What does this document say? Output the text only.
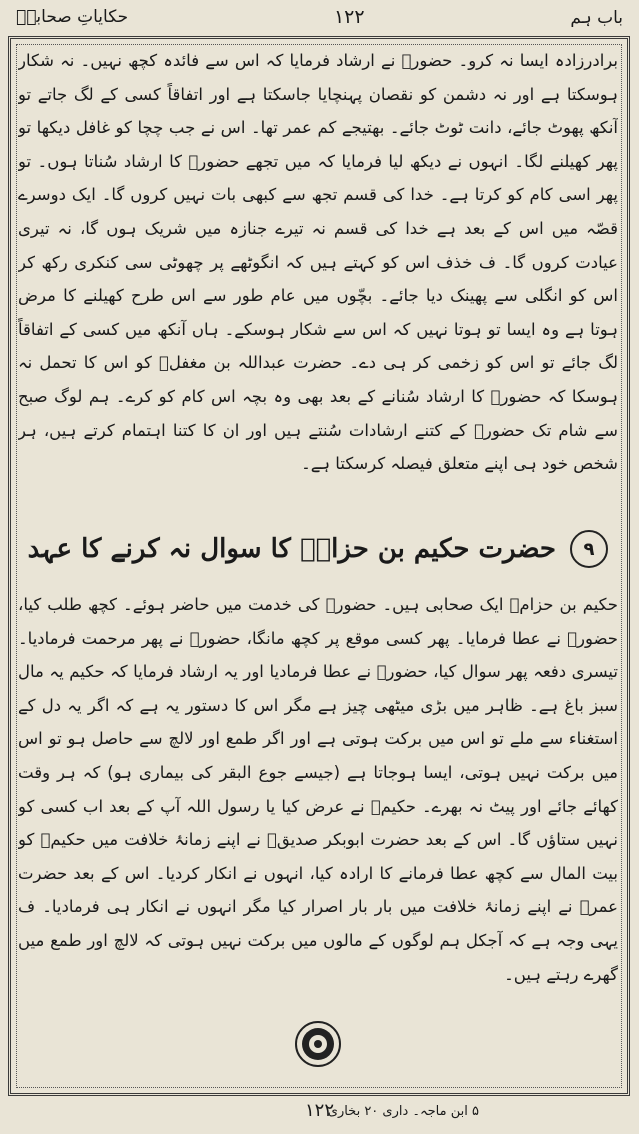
باب ہم
۱۲۲
حکایاتِ صحابہؓ
برادرزادہ ایسا نہ کرو۔ حضورؐ نے ارشاد فرمایا کہ اس سے فائدہ کچھ نہیں۔ نہ شکار ہوسکتا ہے اور نہ دشمن کو نقصان پہنچایا جاسکتا ہے اور اتفاقاً کسی کے لگ جاتے تو آنکھ پھوٹ جائے، دانت ٹوٹ جائے۔ بھتیجے کم عمر تھا۔ اس نے جب چچا کو غافل دیکھا تو پھر کھیلنے لگا۔ انہوں نے دیکھ لیا فرمایا کہ میں تجھے حضورؐ کا ارشاد سُناتا ہوں۔ تو پھر اسی کام کو کرتا ہے۔ خدا کی قسم تجھ سے کبھی بات نہیں کروں گا۔ ایک دوسرے قصّہ میں اس کے بعد ہے خدا کی قسم نہ تیرے جنازہ میں شریک ہوں گا، نہ تیری عیادت کروں گا۔ ف خذف اس کو کہتے ہیں کہ انگوٹھے پر چھوٹی سی کنکری رکھ کر اس کو انگلی سے پھینک دیا جائے۔ بچّوں میں عام طور سے اس طرح کھیلنے کا مرض ہوتا ہے وہ ایسا تو ہوتا نہیں کہ اس سے شکار ہوسکے۔ ہاں آنکھ میں کسی کے اتفاقاً لگ جائے تو اس کو زخمی کر ہی دے۔ حضرت عبداللہ بن مغفلؓ کو اس کا تحمل نہ ہوسکا کہ حضورؐ کا ارشاد سُنانے کے بعد بھی وہ بچہ اس کام کو کرے۔ ہم لوگ صبح سے شام تک حضورؐ کے کتنے ارشادات سُنتے ہیں اور ان کا کتنا اہتمام کرتے ہیں، ہر شخص خود ہی اپنے متعلق فیصلہ کرسکتا ہے۔
۹
حضرت حکیم بن حزامؓ کا سوال نہ کرنے کا عہد
حکیم بن حزامؓ ایک صحابی ہیں۔ حضورؐ کی خدمت میں حاضر ہوئے۔ کچھ طلب کیا، حضورؐ نے عطا فرمایا۔ پھر کسی موقع پر کچھ مانگا، حضورؐ نے پھر مرحمت فرمادیا۔ تیسری دفعہ پھر سوال کیا، حضورؐ نے عطا فرمادیا اور یہ ارشاد فرمایا کہ حکیم یہ مال سبز باغ ہے۔ ظاہر میں بڑی میٹھی چیز ہے مگر اس کا دستور یہ ہے کہ اگر یہ دل کے استغناء سے ملے تو اس میں برکت ہوتی ہے اور اگر طمع اور لالچ سے حاصل ہو تو اس میں برکت نہیں ہوتی، ایسا ہوجاتا ہے (جیسے جوع البقر کی بیماری ہو) کہ ہر وقت کھائے جائے اور پیٹ نہ بھرے۔ حکیمؓ نے عرض کیا یا رسول اللہ آپ کے بعد اب کسی کو نہیں ستاؤں گا۔ اس کے بعد حضرت ابوبکر صدیقؓ نے اپنے زمانۂ خلافت میں حکیمؓ کو بیت المال سے کچھ عطا فرمانے کا ارادہ کیا، انہوں نے انکار کردیا۔ اس کے بعد حضرت عمرؓ نے اپنے زمانۂ خلافت میں بار بار اصرار کیا مگر انہوں نے انکار ہی فرمادیا۔ ف یہی وجہ ہے کہ آجکل ہم لوگوں کے مالوں میں برکت نہیں ہوتی کہ لالچ اور طمع میں گھرے رہتے ہیں۔
۱۲۲
۵ ابن ماجہ۔ داری ۲۰ بخاری
